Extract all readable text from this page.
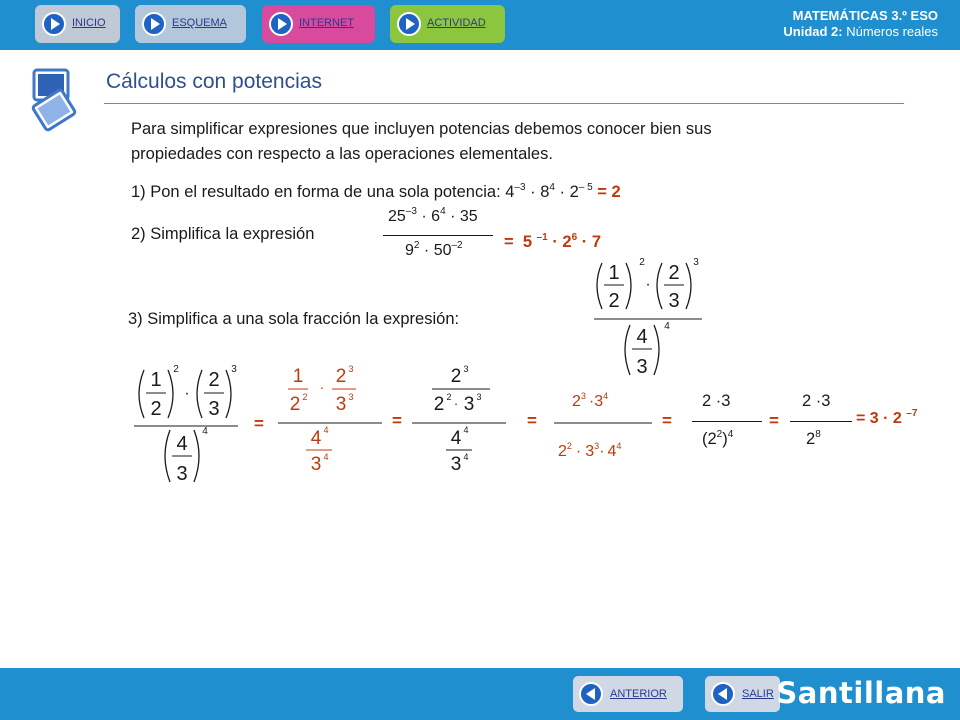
INICIO	ESQUEMA	INTERNET	ACTIVIDAD	MATEMÁTICAS 3.º ESO
Unidad 2: Números reales
Cálculos con potencias
Para simplificar expresiones que incluyen potencias debemos conocer bien sus
propiedades con respecto a las operaciones elementales.
1) Pon el resultado en forma de una sola potencia: $4^{-3} \cdot 8^4 \cdot 2^{- 5} = 2$
2) Simplifica la expresión
$25^{-3} \cdot 6^4 \cdot 35$
$9^2 \cdot 50^{-2}$	= 5 $^{-1} \cdot 2^6 \cdot 7$
3) Simplifica a una sola fracción la expresión:
1
2
2
·
2
3
3
4
3
4
1
2
2
·
2
3
3
4
3
4	=
1
2 2
· 2 3
3 3
4 4
3 4
=
2 3
2 2 · 3 3
4 4
3 4
=
$2^3 \cdot 3^4$
$2^2 \cdot 3^3\cdot 4^4$
=
2 ·3
$(2^2)^4$
=
2 ·3
$2^8$
= 3 · 2 $^{-7}$
ANTERIOR	SALIR Santillana
